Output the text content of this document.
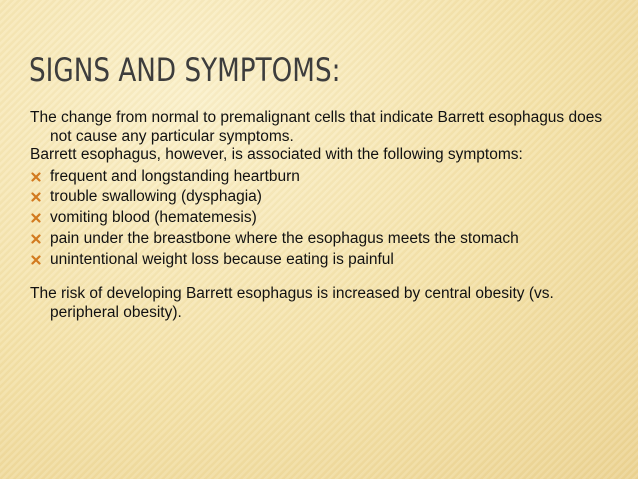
SIGNS AND SYMPTOMS:

The change from normal to premalignant cells that indicate Barrett esophagus does not cause any particular symptoms.

Barrett esophagus, however, is associated with the following symptoms:

frequent and longstanding heartburn
trouble swallowing (dysphagia)
vomiting blood (hematemesis)
pain under the breastbone where the esophagus meets the stomach
unintentional weight loss because eating is painful

The risk of developing Barrett esophagus is increased by central obesity (vs. peripheral obesity).
